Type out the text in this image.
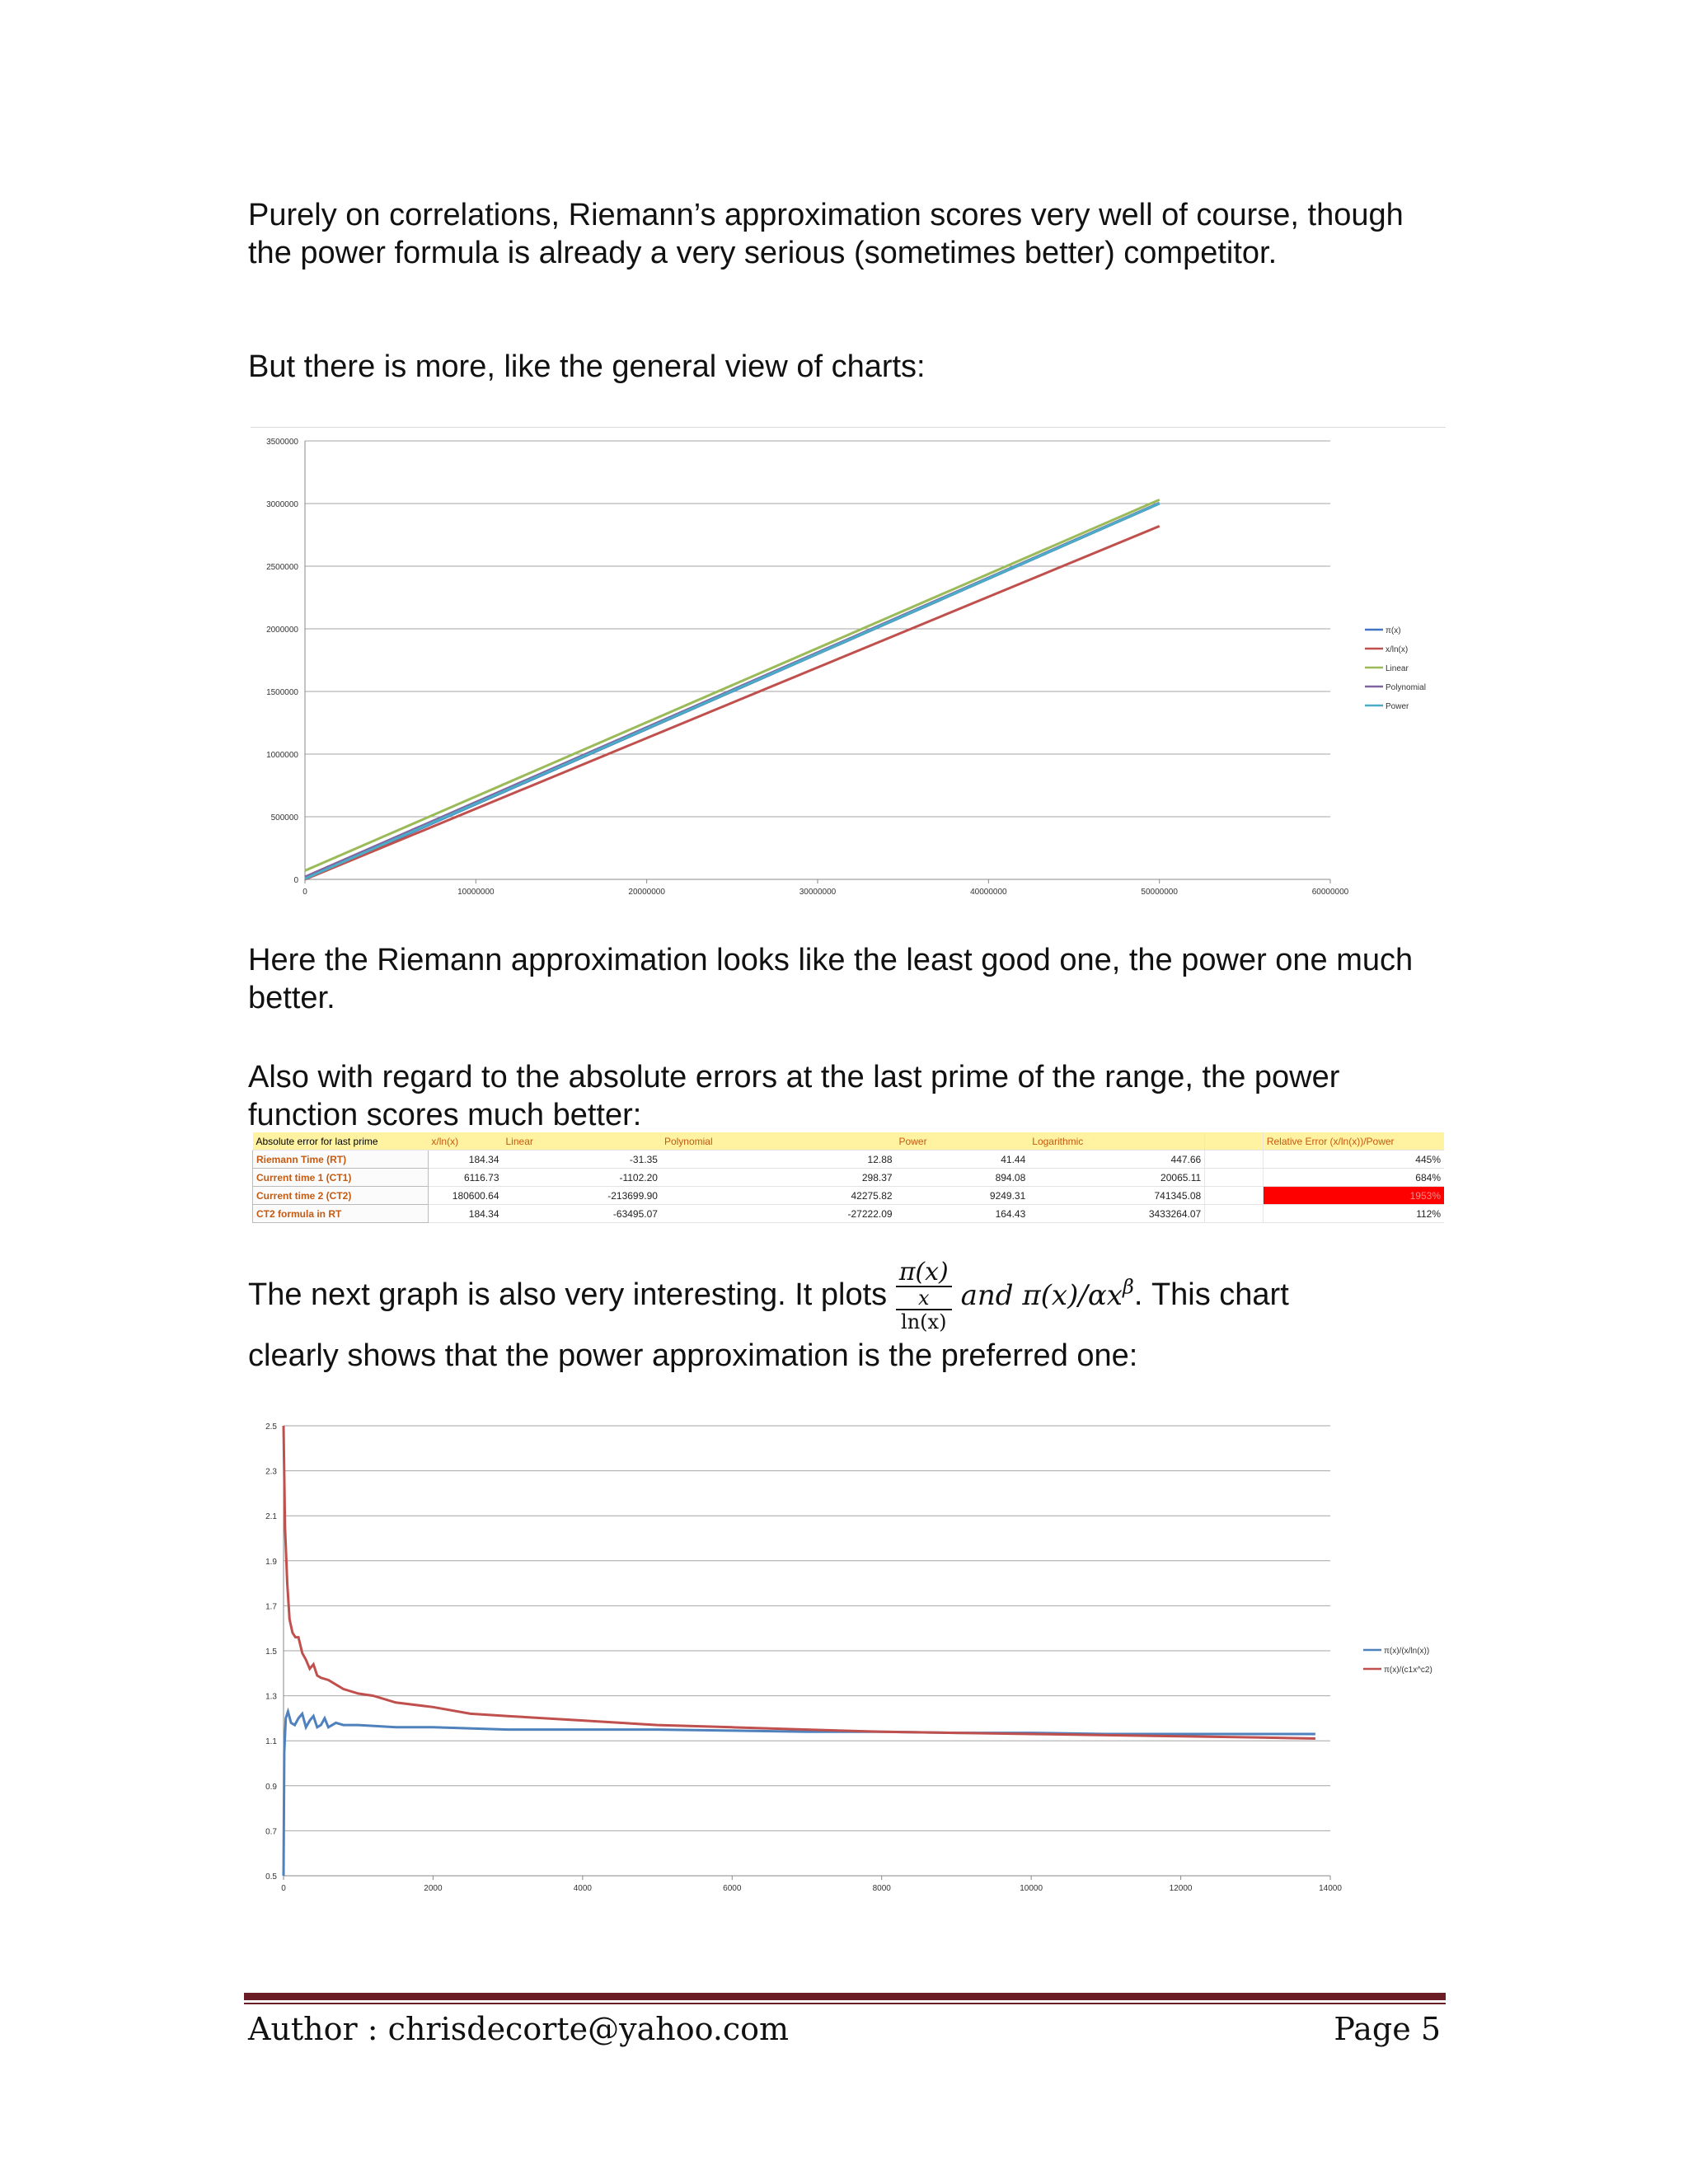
Purely on correlations, Riemann’s approximation scores very well of course, though the power formula is already a very serious (sometimes better) competitor.

But there is more, like the general view of charts:

0
500000
1000000
1500000
2000000
2500000
3000000
3500000
0	10000000	20000000	30000000	40000000	50000000	60000000
π(x)
x/ln(x)
Linear
Polynomial
Power

Here the Riemann approximation looks like the least good one, the power one much better.

Also with regard to the absolute errors at the last prime of the range, the power function scores much better:

Absolute error for last prime	x/ln(x)	Linear	Polynomial	Power	Logarithmic		Relative Error (x/ln(x))/Power
Riemann Time (RT)	184.34	-31.35	12.88	41.44	447.66		445%
Current time 1 (CT1)	6116.73	-1102.20	298.37	894.08	20065.11		684%
Current time 2 (CT2)	180600.64	-213699.90	42275.82	9249.31	741345.08		1953%
CT2 formula in RT	184.34	-63495.07	-27222.09	164.43	3433264.07		112%

The next graph is also very interesting. It plots
π(x)
x
ln(x)
and $\pi(x)/\alpha x^\beta$. This chart

clearly shows that the power approximation is the preferred one:

0.5
0.7
0.9
1.1
1.3
1.5
1.7
1.9
2.1
2.3
2.5
0	2000	4000	6000	8000	10000	12000	14000
π(x)/(x/ln(x))
π(x)/(c1x^c2)
Author : chrisdecorte@yahoo.com	Page 5
